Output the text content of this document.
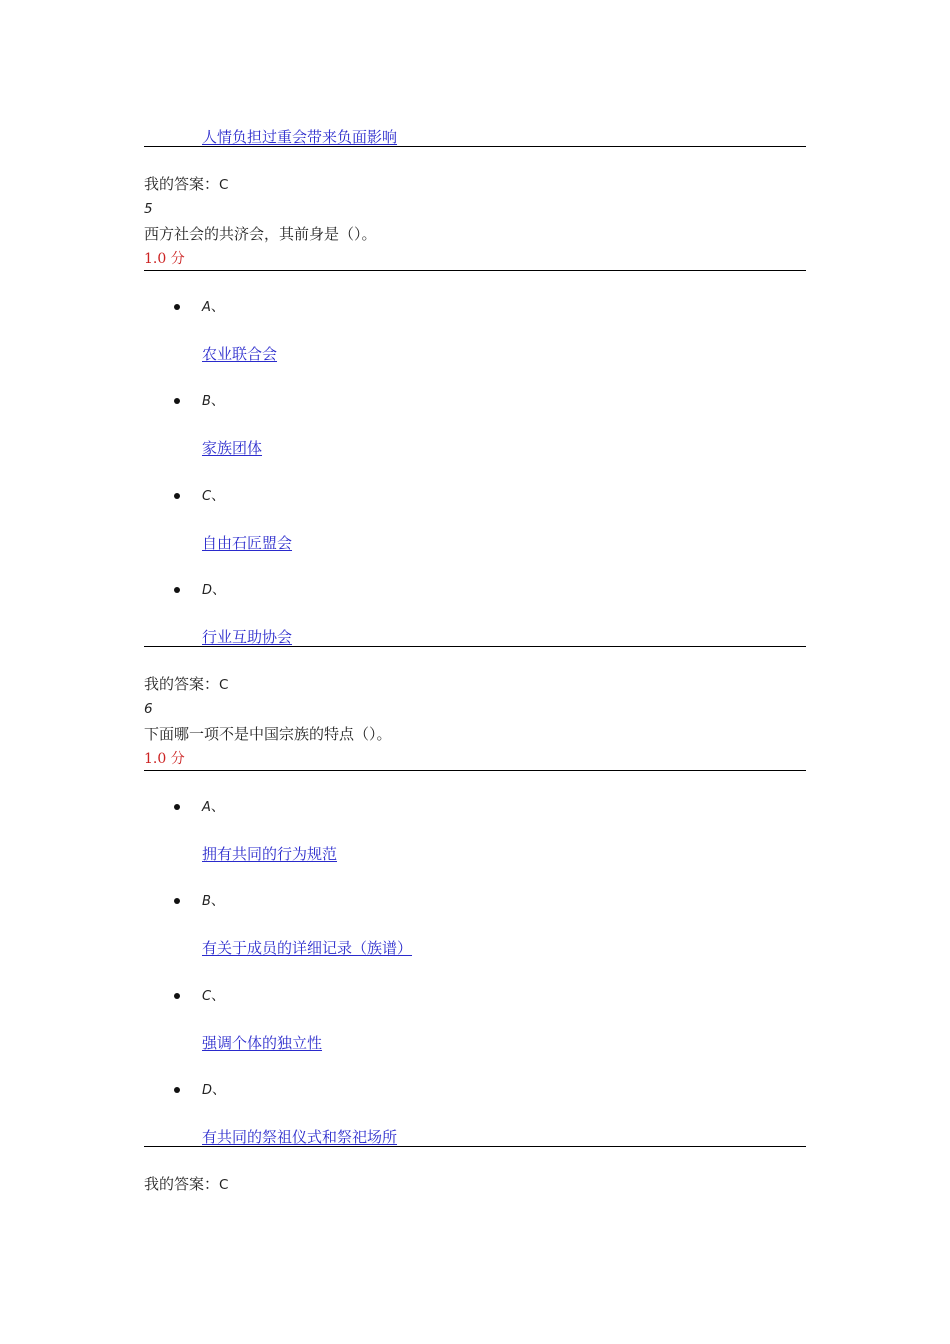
人情负担过重会带来负面影响
我的答案：C
5
西方社会的共济会，其前身是（）。
1.0 分
A、
农业联合会
B、
家族团体
C、
自由石匠盟会
D、
行业互助协会
我的答案：C
6
下面哪一项不是中国宗族的特点（）。
1.0 分
A、
拥有共同的行为规范
B、
有关于成员的详细记录（族谱）
C、
强调个体的独立性
D、
有共同的祭祖仪式和祭祀场所
我的答案：C
